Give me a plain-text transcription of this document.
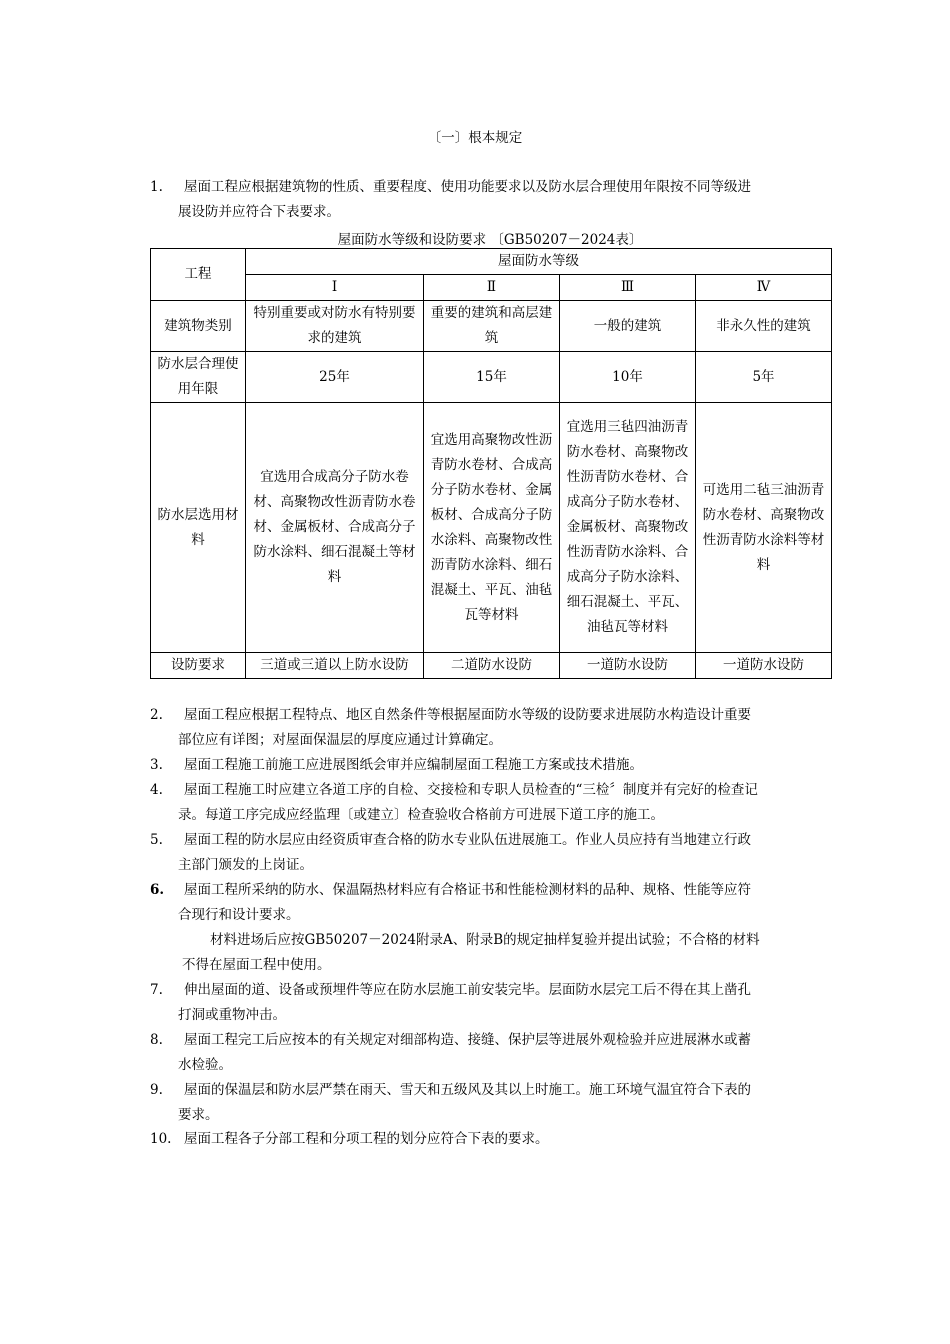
〔一〕根本规定
1.	屋面工程应根据建筑物的性质、重要程度、使用功能要求以及防水层合理使用年限按不同等级进
展设防并应符合下表要求。
屋面防水等级和设防要求 〔GB50207－2024表〕
工程	屋面防水等级			
	Ⅰ	Ⅱ	Ⅲ	Ⅳ
建筑物类别	特别重要或对防水有特别要求的建筑	重要的建筑和高层建筑	一般的建筑	非永久性的建筑
防水层合理使用年限	25年	15年	10年	5年
防水层选用材料	宜选用合成高分子防水卷材、高聚物改性沥青防水卷材、金属板材、合成高分子防水涂料、细石混凝土等材料	宜选用高聚物改性沥青防水卷材、合成高分子防水卷材、金属板材、合成高分子防水涂料、高聚物改性沥青防水涂料、细石混凝土、平瓦、油毡瓦等材料	宜选用三毡四油沥青防水卷材、高聚物改性沥青防水卷材、合成高分子防水卷材、金属板材、高聚物改性沥青防水涂料、合成高分子防水涂料、细石混凝土、平瓦、油毡瓦等材料	可选用二毡三油沥青防水卷材、高聚物改性沥青防水涂料等材料
设防要求	三道或三道以上防水设防	二道防水设防	一道防水设防	一道防水设防
2.	屋面工程应根据工程特点、地区自然条件等根据屋面防水等级的设防要求进展防水构造设计重要
部位应有详图；对屋面保温层的厚度应通过计算确定。
3.	屋面工程施工前施工应进展图纸会审并应编制屋面工程施工方案或技术措施。
4.	屋面工程施工时应建立各道工序的自检、交接检和专职人员检查的“三检〞制度并有完好的检查记
录。每道工序完成应经监理〔或建立〕检查验收合格前方可进展下道工序的施工。
5.	屋面工程的防水层应由经资质审查合格的防水专业队伍进展施工。作业人员应持有当地建立行政
主部门颁发的上岗证。
6.	屋面工程所采纳的防水、保温隔热材料应有合格证书和性能检测材料的品种、规格、性能等应符
合现行和设计要求。
材料进场后应按GB50207－2024附录A、附录B的规定抽样复验并提出试验；不合格的材料
不得在屋面工程中使用。
7.	伸出屋面的道、设备或预埋件等应在防水层施工前安装完毕。层面防水层完工后不得在其上凿孔
打洞或重物冲击。
8.	屋面工程完工后应按本的有关规定对细部构造、接缝、保护层等进展外观检验并应进展淋水或蓄
水检验。
9.	屋面的保温层和防水层严禁在雨天、雪天和五级风及其以上时施工。施工环境气温宜符合下表的
要求。
10. 屋面工程各子分部工程和分项工程的划分应符合下表的要求。
